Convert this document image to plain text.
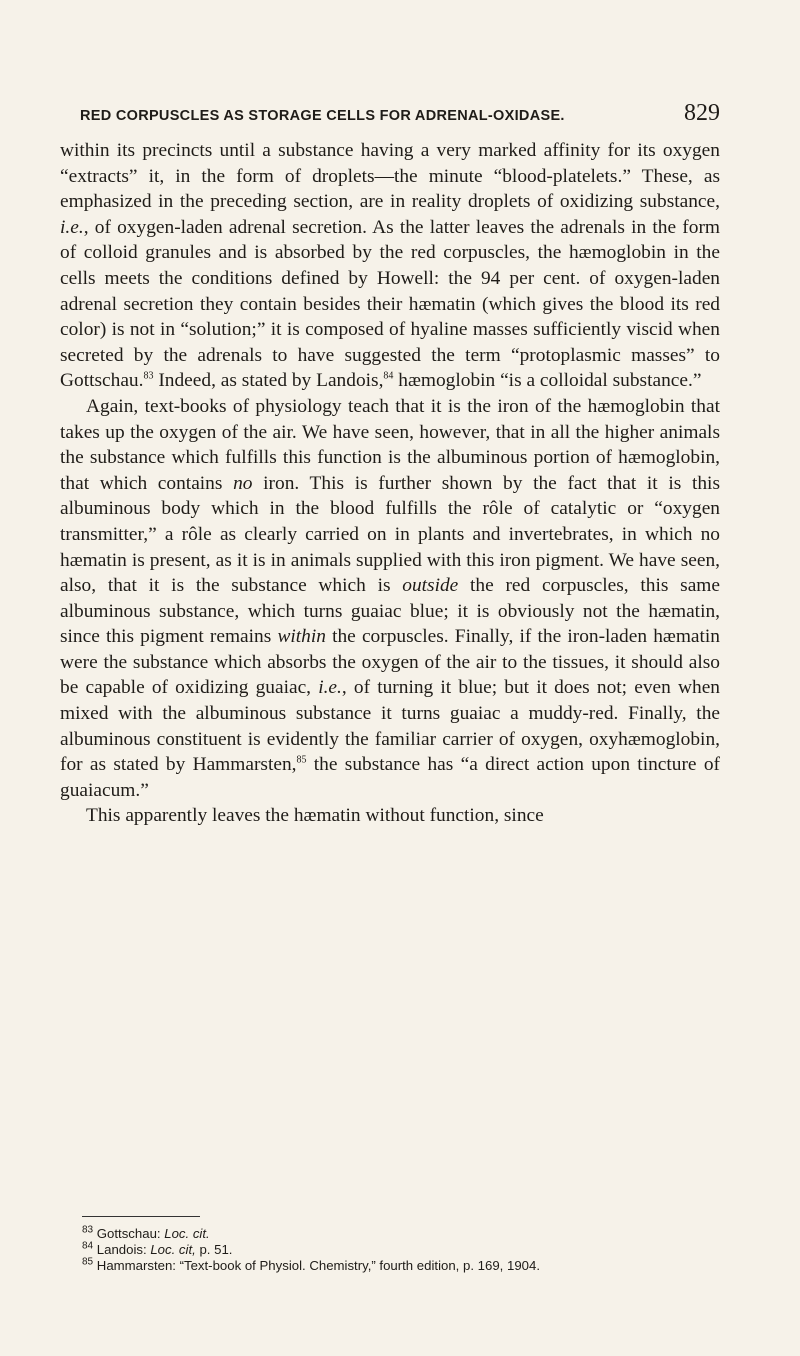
RED CORPUSCLES AS STORAGE CELLS FOR ADRENAL-OXIDASE.	829

within its precincts until a substance having a very marked affinity for its oxygen “extracts” it, in the form of droplets—the minute “blood-platelets.” These, as emphasized in the preceding section, are in reality droplets of oxidizing substance, i.e., of oxygen-laden adrenal secretion. As the latter leaves the adrenals in the form of colloid granules and is absorbed by the red corpuscles, the hæmoglobin in the cells meets the conditions defined by Howell: the 94 per cent. of oxygen-laden adrenal secretion they contain besides their hæmatin (which gives the blood its red color) is not in “solution;” it is composed of hyaline masses sufficiently viscid when secreted by the adrenals to have suggested the term “protoplasmic masses” to Gottschau.$^{83}$ Indeed, as stated by Landois,$^{84}$ hæmoglobin “is a colloidal substance.”

Again, text-books of physiology teach that it is the iron of the hæmoglobin that takes up the oxygen of the air. We have seen, however, that in all the higher animals the substance which fulfills this function is the albuminous portion of hæmoglobin, that which contains no iron. This is further shown by the fact that it is this albuminous body which in the blood fulfills the rôle of catalytic or “oxygen transmitter,” a rôle as clearly carried on in plants and invertebrates, in which no hæmatin is present, as it is in animals supplied with this iron pigment. We have seen, also, that it is the substance which is outside the red corpuscles, this same albuminous substance, which turns guaiac blue; it is obviously not the hæmatin, since this pigment remains within the corpuscles. Finally, if the iron-laden hæmatin were the substance which absorbs the oxygen of the air to the tissues, it should also be capable of oxidizing guaiac, i.e., of turning it blue; but it does not; even when mixed with the albuminous substance it turns guaiac a muddy-red. Finally, the albuminous constituent is evidently the familiar carrier of oxygen, oxyhæmoglobin, for as stated by Hammarsten,$^{85}$ the substance has “a direct action upon tincture of guaiacum.”

This apparently leaves the hæmatin without function, since

$^{83}$ Gottschau: Loc. cit.
$^{84}$ Landois: Loc. cit, p. 51.
$^{85}$ Hammarsten: “Text-book of Physiol. Chemistry,” fourth edition, p. 169, 1904.
